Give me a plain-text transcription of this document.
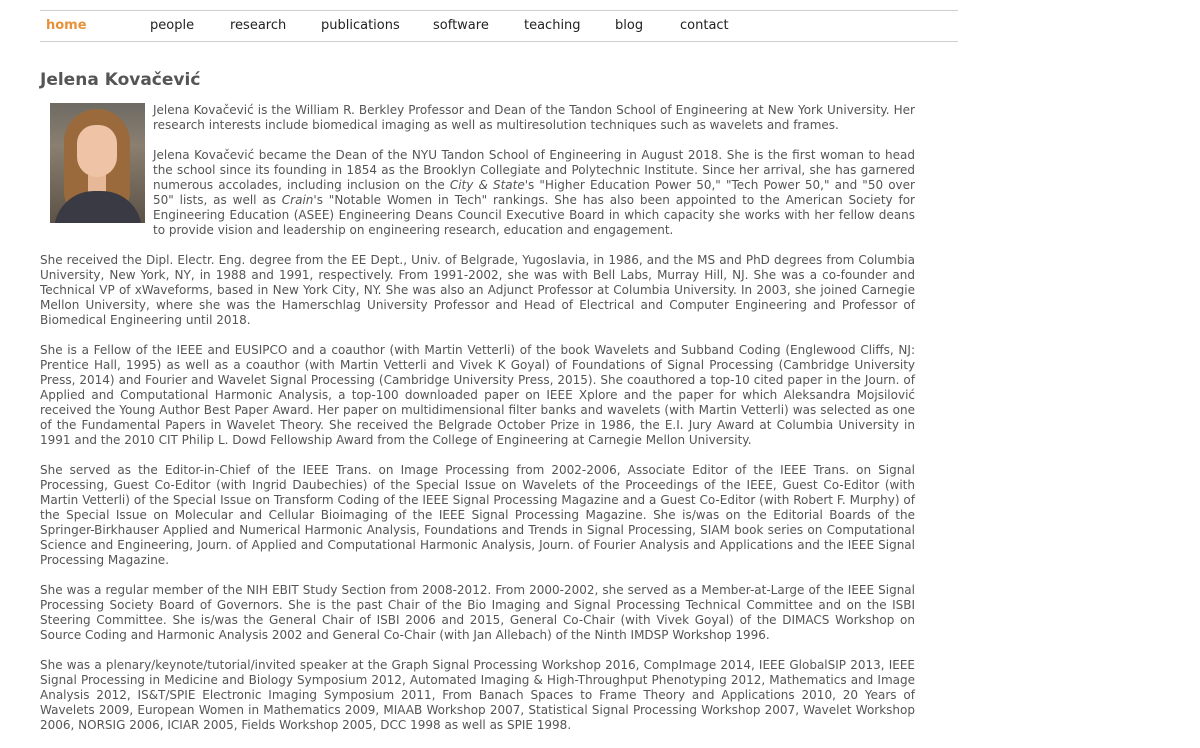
home	people	research	publications	software	teaching	blog	contact
Jelena Kovačević

Jelena Kovačević is the William R. Berkley Professor and Dean of the Tandon School of Engineering at New York University. Her research interests include biomedical imaging as well as multiresolution techniques such as wavelets and frames.

Jelena Kovačević became the Dean of the NYU Tandon School of Engineering in August 2018. She is the first woman to head the school since its founding in 1854 as the Brooklyn Collegiate and Polytechnic Institute. Since her arrival, she has garnered numerous accolades, including inclusion on the City & State's "Higher Education Power 50," "Tech Power 50," and "50 over 50" lists, as well as Crain's "Notable Women in Tech" rankings. She has also been appointed to the American Society for Engineering Education (ASEE) Engineering Deans Council Executive Board in which capacity she works with her fellow deans to provide vision and leadership on engineering research, education and engagement.

She received the Dipl. Electr. Eng. degree from the EE Dept., Univ. of Belgrade, Yugoslavia, in 1986, and the MS and PhD degrees from Columbia University, New York, NY, in 1988 and 1991, respectively. From 1991-2002, she was with Bell Labs, Murray Hill, NJ. She was a co-founder and Technical VP of xWaveforms, based in New York City, NY. She was also an Adjunct Professor at Columbia University. In 2003, she joined Carnegie Mellon University, where she was the Hamerschlag University Professor and Head of Electrical and Computer Engineering and Professor of Biomedical Engineering until 2018.

She is a Fellow of the IEEE and EUSIPCO and a coauthor (with Martin Vetterli) of the book Wavelets and Subband Coding (Englewood Cliffs, NJ: Prentice Hall, 1995) as well as a coauthor (with Martin Vetterli and Vivek K Goyal) of Foundations of Signal Processing (Cambridge University Press, 2014) and Fourier and Wavelet Signal Processing (Cambridge University Press, 2015). She coauthored a top-10 cited paper in the Journ. of Applied and Computational Harmonic Analysis, a top-100 downloaded paper on IEEE Xplore and the paper for which Aleksandra Mojsilović received the Young Author Best Paper Award. Her paper on multidimensional filter banks and wavelets (with Martin Vetterli) was selected as one of the Fundamental Papers in Wavelet Theory. She received the Belgrade October Prize in 1986, the E.I. Jury Award at Columbia University in 1991 and the 2010 CIT Philip L. Dowd Fellowship Award from the College of Engineering at Carnegie Mellon University.

She served as the Editor-in-Chief of the IEEE Trans. on Image Processing from 2002-2006, Associate Editor of the IEEE Trans. on Signal Processing, Guest Co-Editor (with Ingrid Daubechies) of the Special Issue on Wavelets of the Proceedings of the IEEE, Guest Co-Editor (with Martin Vetterli) of the Special Issue on Transform Coding of the IEEE Signal Processing Magazine and a Guest Co-Editor (with Robert F. Murphy) of the Special Issue on Molecular and Cellular Bioimaging of the IEEE Signal Processing Magazine. She is/was on the Editorial Boards of the Springer-Birkhauser Applied and Numerical Harmonic Analysis, Foundations and Trends in Signal Processing, SIAM book series on Computational Science and Engineering, Journ. of Applied and Computational Harmonic Analysis, Journ. of Fourier Analysis and Applications and the IEEE Signal Processing Magazine.

She was a regular member of the NIH EBIT Study Section from 2008-2012. From 2000-2002, she served as a Member-at-Large of the IEEE Signal Processing Society Board of Governors. She is the past Chair of the Bio Imaging and Signal Processing Technical Committee and on the ISBI Steering Committee. She is/was the General Chair of ISBI 2006 and 2015, General Co-Chair (with Vivek Goyal) of the DIMACS Workshop on Source Coding and Harmonic Analysis 2002 and General Co-Chair (with Jan Allebach) of the Ninth IMDSP Workshop 1996.

She was a plenary/keynote/tutorial/invited speaker at the Graph Signal Processing Workshop 2016, CompImage 2014, IEEE GlobalSIP 2013, IEEE Signal Processing in Medicine and Biology Symposium 2012, Automated Imaging & High-Throughput Phenotyping 2012, Mathematics and Image Analysis 2012, IS&T/SPIE Electronic Imaging Symposium 2011, From Banach Spaces to Frame Theory and Applications 2010, 20 Years of Wavelets 2009, European Women in Mathematics 2009, MIAAB Workshop 2007, Statistical Signal Processing Workshop 2007, Wavelet Workshop 2006, NORSIG 2006, ICIAR 2005, Fields Workshop 2005, DCC 1998 as well as SPIE 1998.
